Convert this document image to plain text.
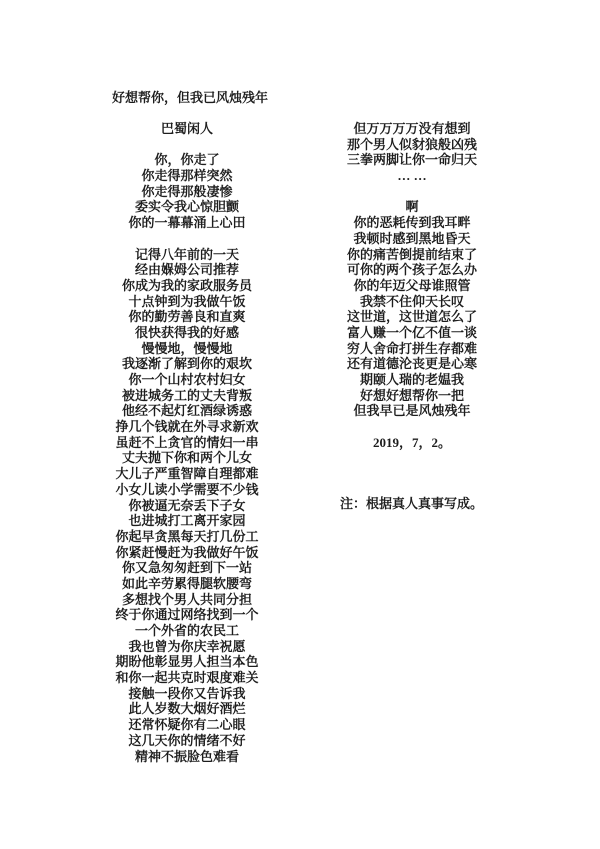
好想帮你，但我已风烛残年
巴蜀闲人
你，你走了
你走得那样突然
你走得那般凄惨
委实令我心惊胆颤
你的一幕幕涌上心田

记得八年前的一天
经由媬姆公司推荐
你成为我的家政服务员
十点钟到为我做午饭
你的勤劳善良和直爽
很快获得我的好感
慢慢地，慢慢地
我逐渐了解到你的艰坎
你一个山村农村妇女
被进城务工的丈夫背叛
他经不起灯红酒绿诱惑
挣几个钱就在外寻求新欢
虽赶不上贪官的情妇一串
丈夫抛下你和两个儿女
大儿子严重智障自理都难
小女儿读小学需要不少钱
你被逼无奈丢下子女
也进城打工离开家园
你起早贪黑每天打几份工
你紧赶慢赶为我做好午饭
你又急匆匆赶到下一站
如此辛劳累得腿软腰弯
多想找个男人共同分担
终于你通过网络找到一个
一个外省的农民工
我也曾为你庆幸祝愿
期盼他彰显男人担当本色
和你一起共克时艰度难关
接触一段你又告诉我
此人岁数大烟好酒烂
还常怀疑你有二心眼
这几天你的情绪不好
精神不振脸色难看
但万万万万没有想到
那个男人似豺狼般凶残
三拳两脚让你一命归天
… …

啊
你的恶耗传到我耳畔
我顿时感到黑地昏天
你的痛苦倒提前结束了
可你的两个孩子怎么办
你的年迈父母谁照管
我禁不住仰天长叹
这世道，这世道怎么了
富人赚一个亿不值一谈
穷人舍命打拼生存都难
还有道德沦丧更是心寒
期颐人瑞的老媪我
好想好想帮你一把
但我早已是风烛残年
2019，7，2。
注：根据真人真事写成。
